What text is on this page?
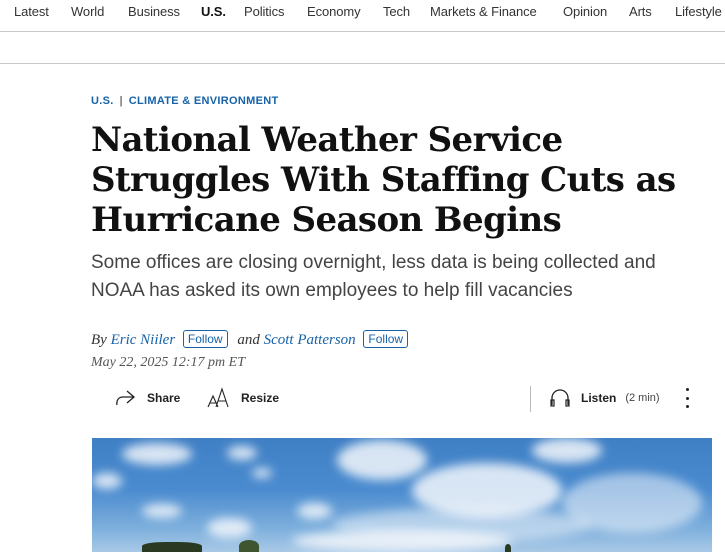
Latest World Business U.S. Politics Economy Tech Markets & Finance Opinion Arts Lifestyle
U.S. | CLIMATE & ENVIRONMENT
National Weather Service Struggles With Staffing Cuts as Hurricane Season Begins

Some offices are closing overnight, less data is being collected and NOAA has asked its own employees to help fill vacancies

By Eric Niiler Follow and Scott Patterson Follow
May 22, 2025 12:17 pm ET
Share	Resize	Listen (2 min)
